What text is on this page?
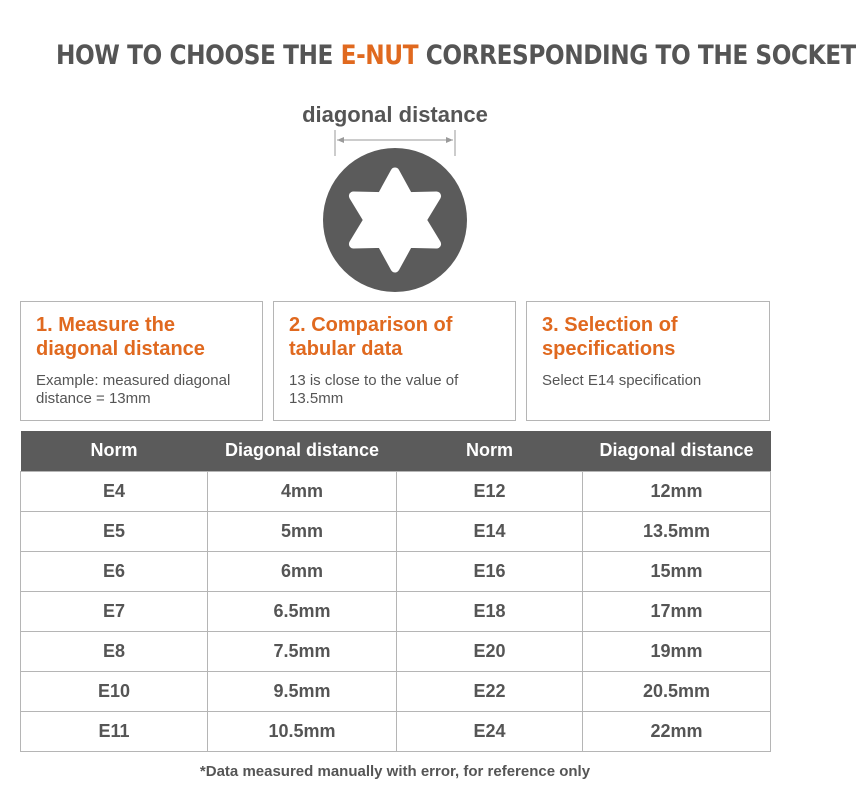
HOW TO CHOOSE THE E-NUT CORRESPONDING TO THE SOCKET
diagonal distance
1. Measure the diagonal distance
Example: measured diagonal distance = 13mm
2. Comparison of tabular data
13 is close to the value of 13.5mm
3. Selection of specifications
Select E14 specification
Norm	Diagonal distance	Norm	Diagonal distance
E4	4mm	E12	12mm
E5	5mm	E14	13.5mm
E6	6mm	E16	15mm
E7	6.5mm	E18	17mm
E8	7.5mm	E20	19mm
E10	9.5mm	E22	20.5mm
E11	10.5mm	E24	22mm
*Data measured manually with error, for reference only
